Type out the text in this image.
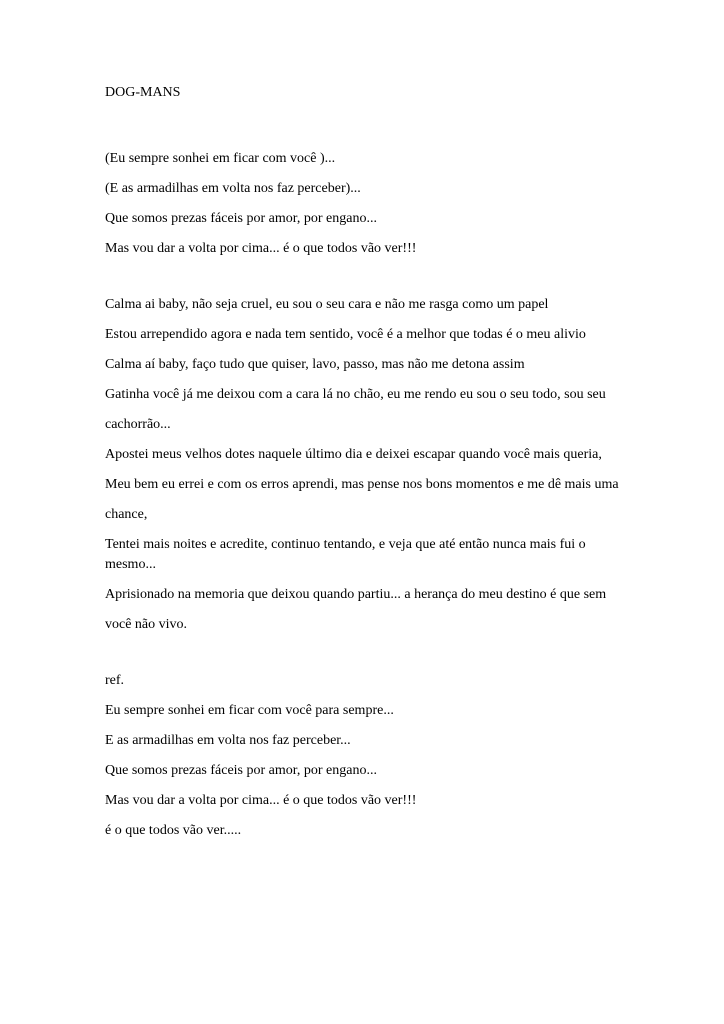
DOG-MANS

(Eu sempre sonhei em ficar com você )...

(E as armadilhas em volta nos faz perceber)...

Que somos prezas fáceis por amor, por engano...

Mas vou dar a volta por cima... é o que todos vão ver!!!

Calma ai baby, não seja cruel, eu sou o seu cara e não me rasga como um papel

Estou arrependido agora e nada tem sentido, você é a melhor que todas é o meu alivio

Calma aí baby, faço tudo que quiser, lavo, passo, mas não me detona assim

Gatinha você já me deixou com a cara lá no chão, eu me rendo eu sou o seu todo, sou seu

cachorrão...

Apostei meus velhos dotes naquele último dia e deixei escapar quando você mais queria,

Meu bem eu errei e com os erros aprendi, mas pense nos bons momentos e me dê mais uma

chance,

Tentei mais noites e acredite, continuo tentando, e veja que até então nunca mais fui o mesmo...

Aprisionado na memoria que deixou quando partiu... a herança do meu destino é que sem

você não vivo.

ref.

Eu sempre sonhei em ficar com você para sempre...

E as armadilhas em volta nos faz perceber...

Que somos prezas fáceis por amor, por engano...

Mas vou dar a volta por cima... é o que todos vão ver!!!

é o que todos vão ver.....
